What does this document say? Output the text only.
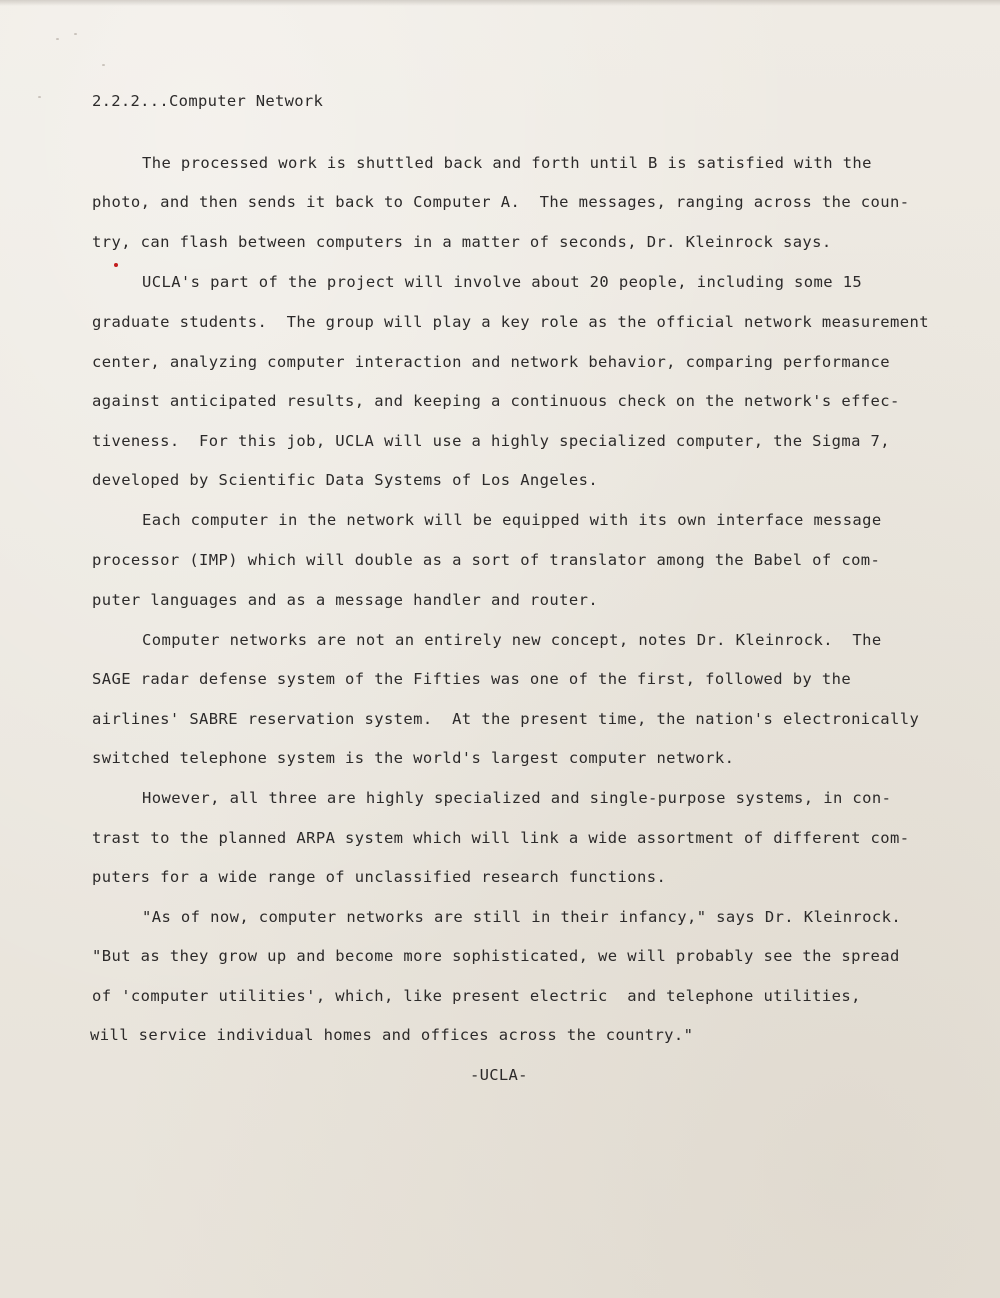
2.2.2...Computer Network
The processed work is shuttled back and forth until B is satisfied with the
photo, and then sends it back to Computer A.  The messages, ranging across the coun-
try, can flash between computers in a matter of seconds, Dr. Kleinrock says.
UCLA's part of the project will involve about 20 people, including some 15
graduate students.  The group will play a key role as the official network measurement
center, analyzing computer interaction and network behavior, comparing performance
against anticipated results, and keeping a continuous check on the network's effec-
tiveness.  For this job, UCLA will use a highly specialized computer, the Sigma 7,
developed by Scientific Data Systems of Los Angeles.
Each computer in the network will be equipped with its own interface message
processor (IMP) which will double as a sort of translator among the Babel of com-
puter languages and as a message handler and router.
Computer networks are not an entirely new concept, notes Dr. Kleinrock.  The
SAGE radar defense system of the Fifties was one of the first, followed by the
airlines' SABRE reservation system.  At the present time, the nation's electronically
switched telephone system is the world's largest computer network.
However, all three are highly specialized and single-purpose systems, in con-
trast to the planned ARPA system which will link a wide assortment of different com-
puters for a wide range of unclassified research functions.
"As of now, computer networks are still in their infancy," says Dr. Kleinrock.
"But as they grow up and become more sophisticated, we will probably see the spread
of 'computer utilities', which, like present electric  and telephone utilities,
will service individual homes and offices across the country."
-UCLA-
